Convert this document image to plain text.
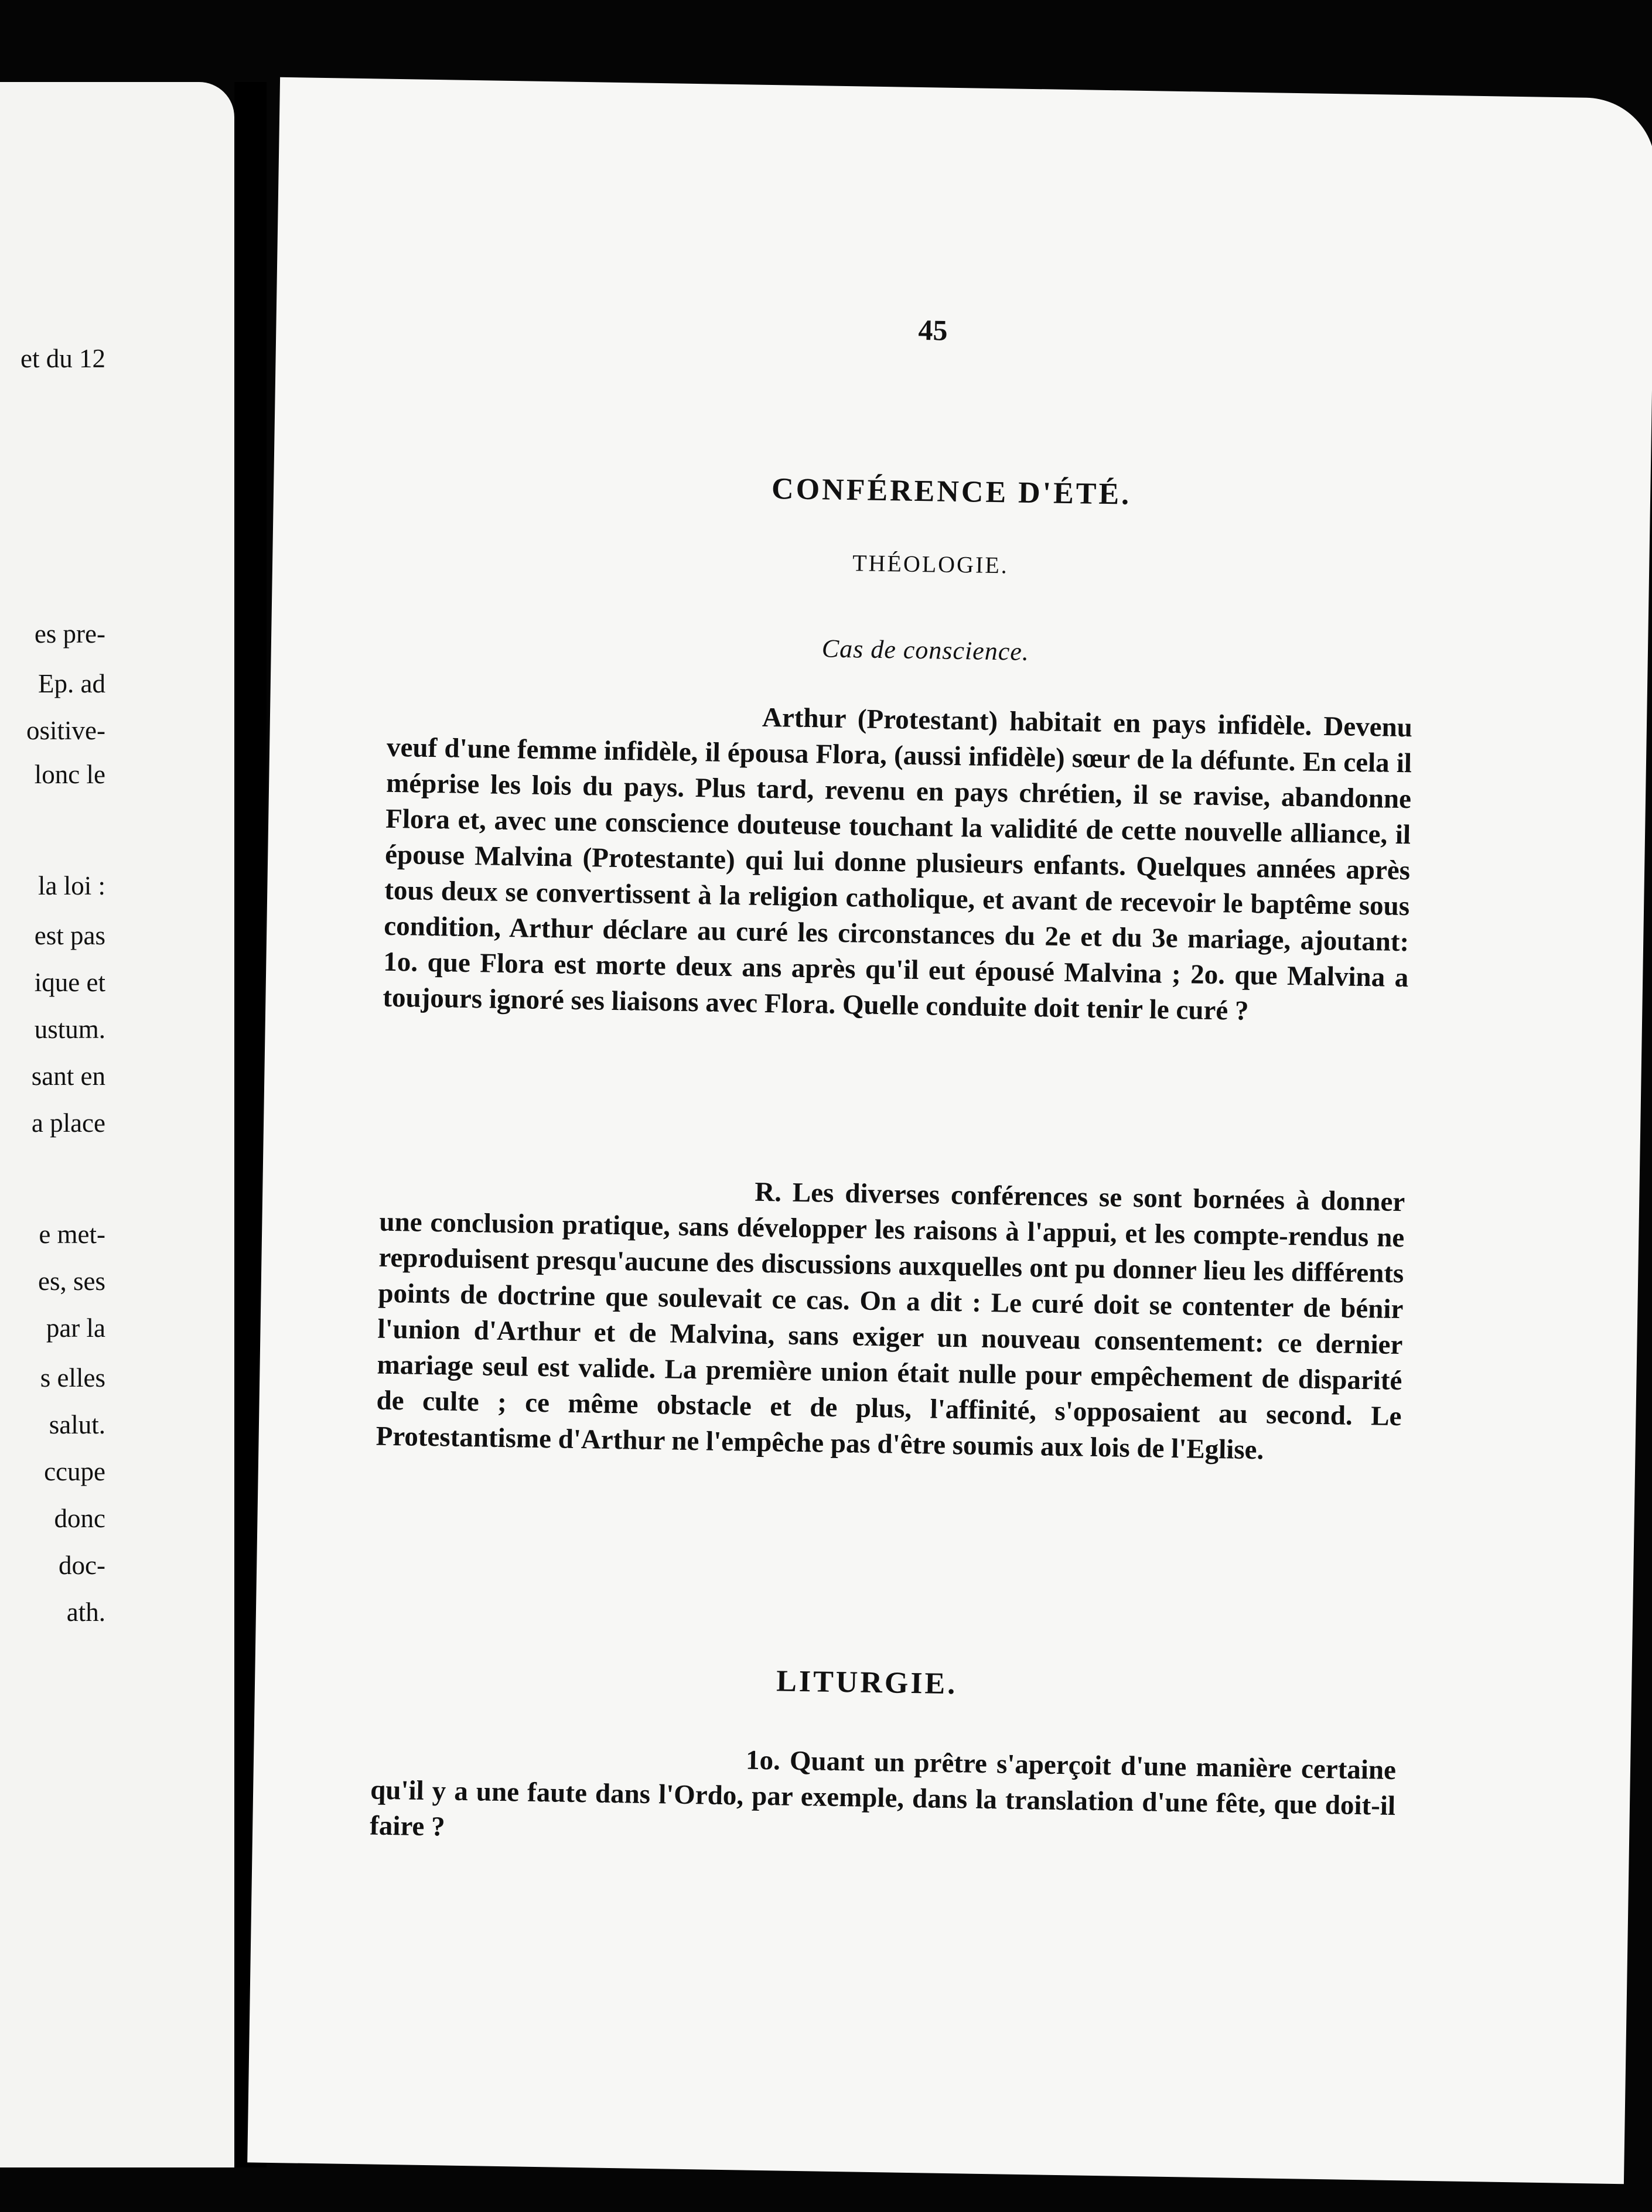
et du 12
es pre-
Ep. ad
ositive-
lonc le
la loi :
est pas
ique et
ustum.
sant en
a place
e met-
es, ses
par la
s elles
salut.
ccupe
donc
doc-
ath.
45
CONFÉRENCE D'ÉTÉ.
THÉOLOGIE.
Cas de conscience.

Arthur (Protestant) habitait en pays infidèle. Devenu veuf d'une femme infidèle, il épousa Flora, (aussi infidèle) sœur de la défunte. En cela il méprise les lois du pays. Plus tard, revenu en pays chrétien, il se ravise, abandonne Flora et, avec une conscience douteuse touchant la validité de cette nouvelle alliance, il épouse Malvina (Protestante) qui lui donne plusieurs enfants. Quelques années après tous deux se convertissent à la religion catholique, et avant de recevoir le baptême sous condition, Arthur déclare au curé les circonstances du 2e et du 3e mariage, ajoutant: 1o. que Flora est morte deux ans après qu'il eut épousé Malvina ; 2o. que Malvina a toujours ignoré ses liaisons avec Flora. Quelle conduite doit tenir le curé ?

R. Les diverses conférences se sont bornées à donner une conclusion pratique, sans développer les raisons à l'appui, et les compte-rendus ne reproduisent presqu'aucune des discussions auxquelles ont pu donner lieu les différents points de doctrine que soulevait ce cas. On a dit : Le curé doit se contenter de bénir l'union d'Arthur et de Malvina, sans exiger un nouveau consentement: ce dernier mariage seul est valide. La première union était nulle pour empêchement de disparité de culte ; ce même obstacle et de plus, l'affinité, s'opposaient au second. Le Protestantisme d'Arthur ne l'empêche pas d'être soumis aux lois de l'Eglise.

LITURGIE.

1o. Quant un prêtre s'aperçoit d'une manière certaine qu'il y a une faute dans l'Ordo, par exemple, dans la translation d'une fête, que doit-il faire ?
